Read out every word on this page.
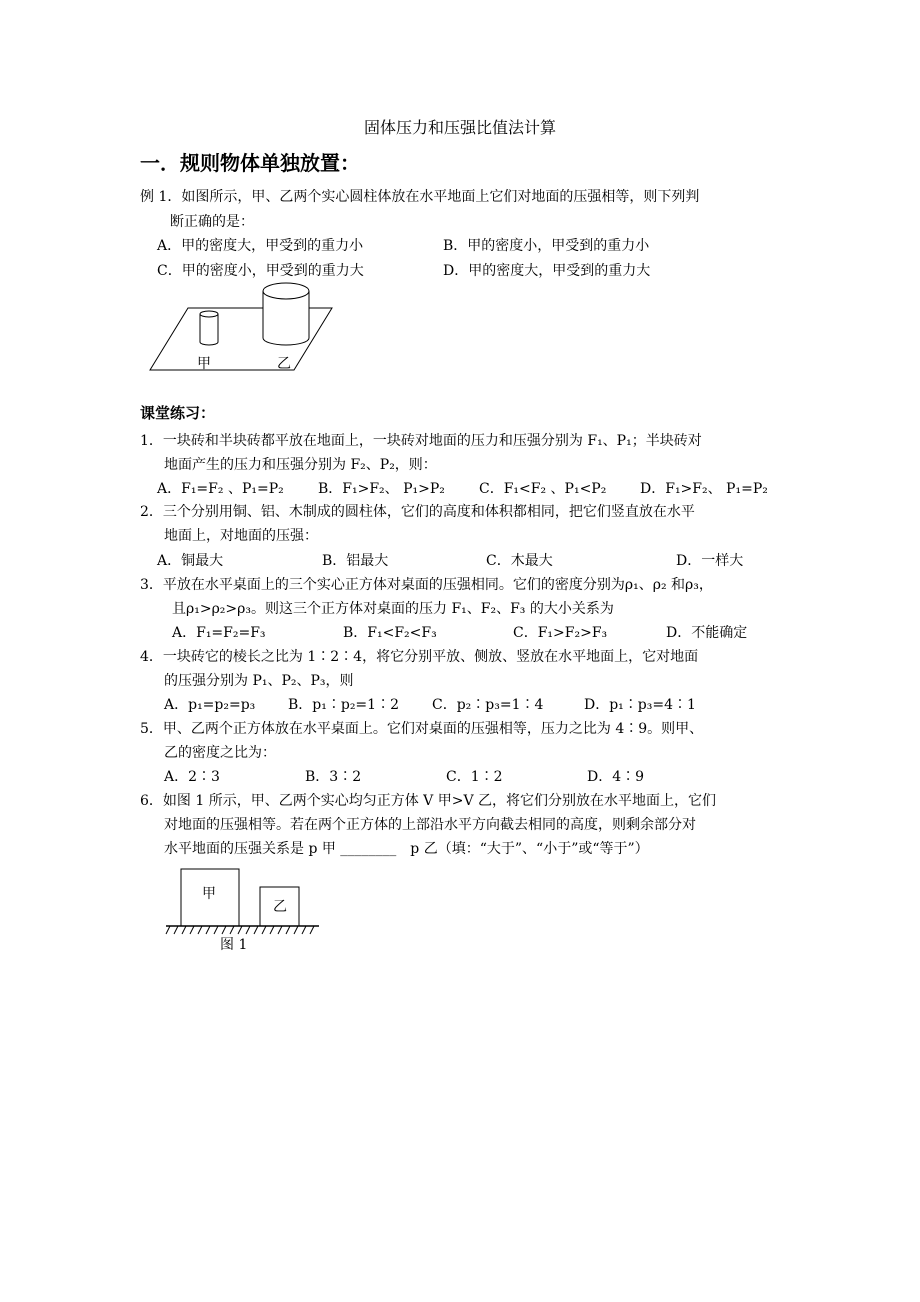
固体压力和压强比值法计算
一．规则物体单独放置：
例 1．如图所示，甲、乙两个实心圆柱体放在水平地面上它们对地面的压强相等，则下列判
断正确的是：
A．甲的密度大，甲受到的重力小	B．甲的密度小，甲受到的重力小
C．甲的密度小，甲受到的重力大	D．甲的密度大，甲受到的重力大
甲	乙
课堂练习：
1．一块砖和半块砖都平放在地面上，一块砖对地面的压力和压强分别为 F₁、P₁；半块砖对
地面产生的压力和压强分别为 F₂、P₂，则：
A．F₁=F₂ 、P₁=P₂ B．F₁>F₂、 P₁>P₂ C．F₁<F₂ 、P₁<P₂ D．F₁>F₂、 P₁=P₂
2．三个分别用铜、铝、木制成的圆柱体，它们的高度和体积都相同，把它们竖直放在水平
地面上，对地面的压强：
A．铜最大	B．铝最大	C．木最大	D．一样大
3．平放在水平桌面上的三个实心正方体对桌面的压强相同。它们的密度分别为ρ₁、ρ₂ 和ρ₃，
且ρ₁>ρ₂>ρ₃。则这三个正方体对桌面的压力 F₁、F₂、F₃ 的大小关系为
A．F₁=F₂=F₃	B．F₁<F₂<F₃	C．F₁>F₂>F₃	D．不能确定
4．一块砖它的棱长之比为 1∶2∶4，将它分别平放、侧放、竖放在水平地面上，它对地面
的压强分别为 P₁、P₂、P₃，则
A．p₁=p₂=p₃ B．p₁∶p₂=1∶2 C．p₂∶p₃=1∶4	D．p₁∶p₃=4∶1
5．甲、乙两个正方体放在水平桌面上。它们对桌面的压强相等，压力之比为 4∶9。则甲、
乙的密度之比为：
A．2∶3	B．3∶2	C．1∶2	D．4∶9
6．如图 1 所示，甲、乙两个实心均匀正方体 V 甲>V 乙，将它们分别放在水平地面上，它们
对地面的压强相等。若在两个正方体的上部沿水平方向截去相同的高度，则剩余部分对
水平地面的压强关系是 p 甲 ________　p 乙（填：“大于”、“小于”或“等于”）
甲
乙
图 1
